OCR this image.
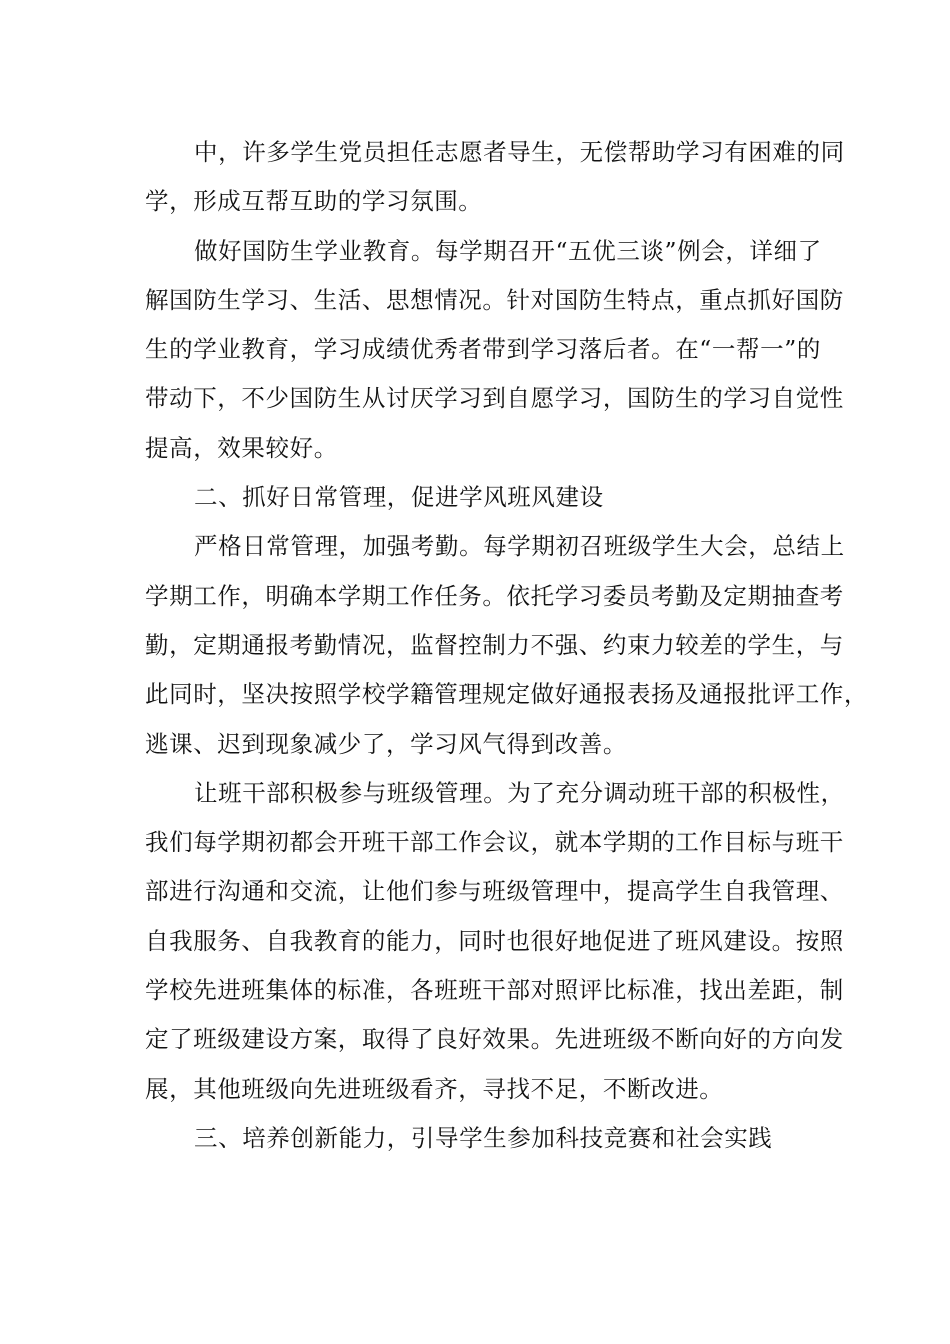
中，许多学生党员担任志愿者导生，无偿帮助学习有困难的同
学，形成互帮互助的学习氛围。
做好国防生学业教育。每学期召开“五优三谈”例会，详细了
解国防生学习、生活、思想情况。针对国防生特点，重点抓好国防
生的学业教育，学习成绩优秀者带到学习落后者。在“一帮一”的
带动下，不少国防生从讨厌学习到自愿学习，国防生的学习自觉性
提高，效果较好。
二、抓好日常管理，促进学风班风建设
严格日常管理，加强考勤。每学期初召班级学生大会，总结上
学期工作，明确本学期工作任务。依托学习委员考勤及定期抽查考
勤，定期通报考勤情况，监督控制力不强、约束力较差的学生，与
此同时，坚决按照学校学籍管理规定做好通报表扬及通报批评工作，
逃课、迟到现象减少了，学习风气得到改善。
让班干部积极参与班级管理。为了充分调动班干部的积极性，
我们每学期初都会开班干部工作会议，就本学期的工作目标与班干
部进行沟通和交流，让他们参与班级管理中，提高学生自我管理、
自我服务、自我教育的能力，同时也很好地促进了班风建设。按照
学校先进班集体的标准，各班班干部对照评比标准，找出差距，制
定了班级建设方案，取得了良好效果。先进班级不断向好的方向发
展，其他班级向先进班级看齐，寻找不足，不断改进。
三、培养创新能力，引导学生参加科技竞赛和社会实践
